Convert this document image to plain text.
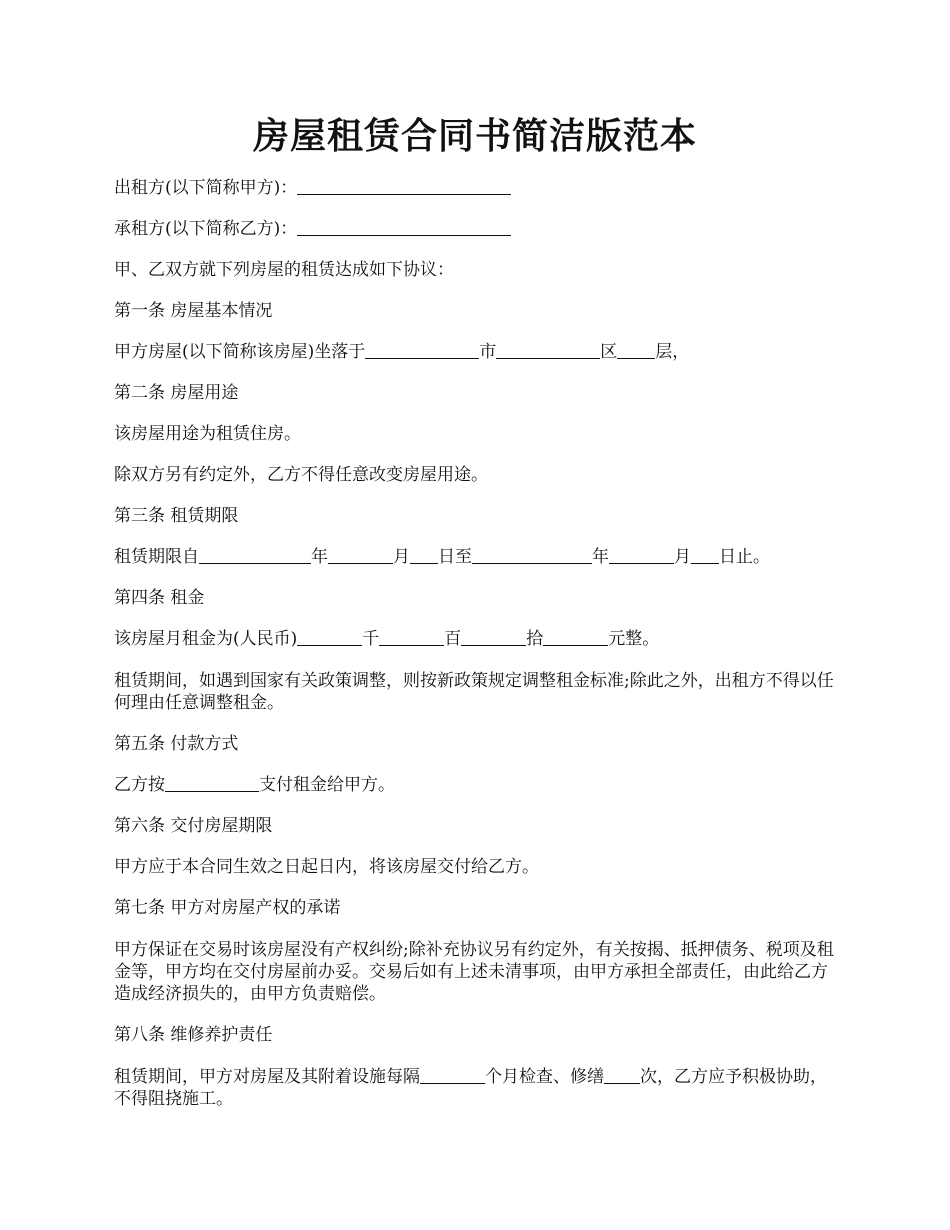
房屋租赁合同书简洁版范本

出租方(以下简称甲方)：

承租方(以下简称乙方)：

甲、乙双方就下列房屋的租赁达成如下协议：

第一条 房屋基本情况

甲方房屋(以下简称该房屋)坐落于	市	区 层，

第二条 房屋用途

该房屋用途为租赁住房。

除双方另有约定外，乙方不得任意改变房屋用途。

第三条 租赁期限

租赁期限自	年	月 日至	年	月 日止。

第四条 租金

该房屋月租金为(人民币)	千	百	拾	元整。

租赁期间，如遇到国家有关政策调整，则按新政策规定调整租金标准;除此之外，出租方不得以任何理由任意调整租金。

第五条 付款方式

乙方按	支付租金给甲方。

第六条 交付房屋期限

甲方应于本合同生效之日起日内，将该房屋交付给乙方。

第七条 甲方对房屋产权的承诺

甲方保证在交易时该房屋没有产权纠纷;除补充协议另有约定外，有关按揭、抵押债务、税项及租金等，甲方均在交付房屋前办妥。交易后如有上述未清事项，由甲方承担全部责任，由此给乙方造成经济损失的，由甲方负责赔偿。

第八条 维修养护责任

租赁期间，甲方对房屋及其附着设施每隔	个月检查、修缮 次，乙方应予积极协助，不得阻挠施工。
